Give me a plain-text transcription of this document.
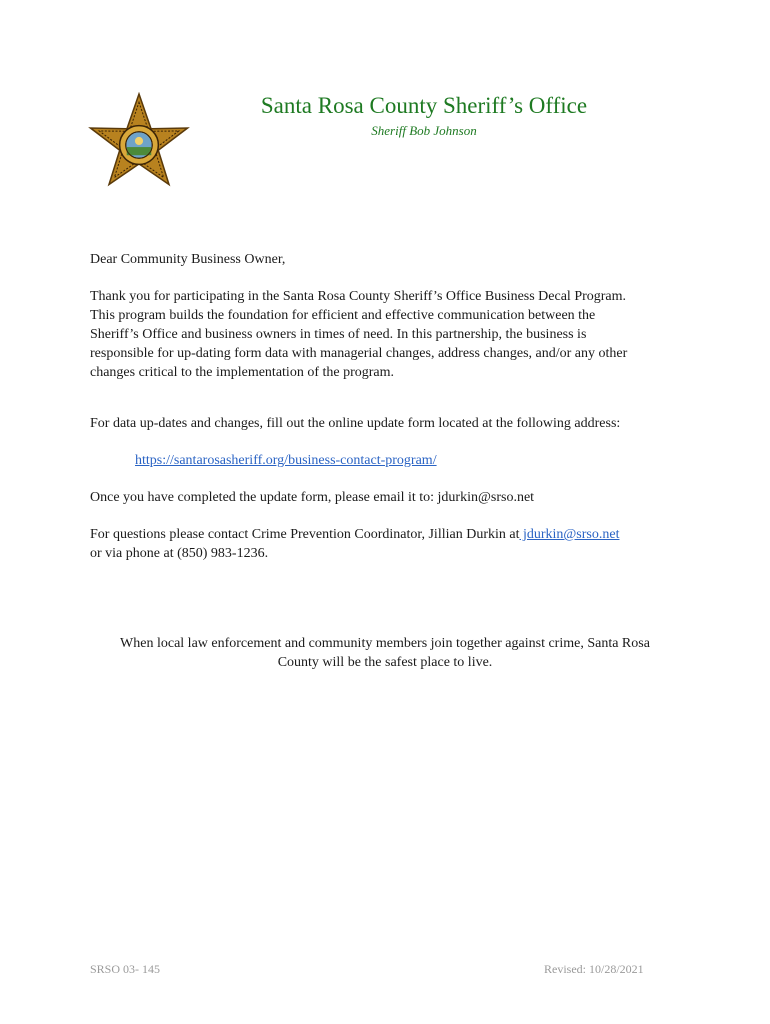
Santa Rosa County Sheriff’s Office
Sheriff Bob Johnson

Dear Community Business Owner,

Thank you for participating in the Santa Rosa County Sheriff’s Office Business Decal Program.
This program builds the foundation for efficient and effective communication between the
Sheriff’s Office and business owners in times of need. In this partnership, the business is
responsible for up-dating form data with managerial changes, address changes, and/or any other
changes critical to the implementation of the program.

For data up-dates and changes, fill out the online update form located at the following address:

https://santarosasheriff.org/business-contact-program/

Once you have completed the update form, please email it to: jdurkin@srso.net

For questions please contact Crime Prevention Coordinator, Jillian Durkin at jdurkin@srso.net
or via phone at (850) 983-1236.

When local law enforcement and community members join together against crime, Santa Rosa
County will be the safest place to live.

SRSO 03- 145	Revised: 10/28/2021
